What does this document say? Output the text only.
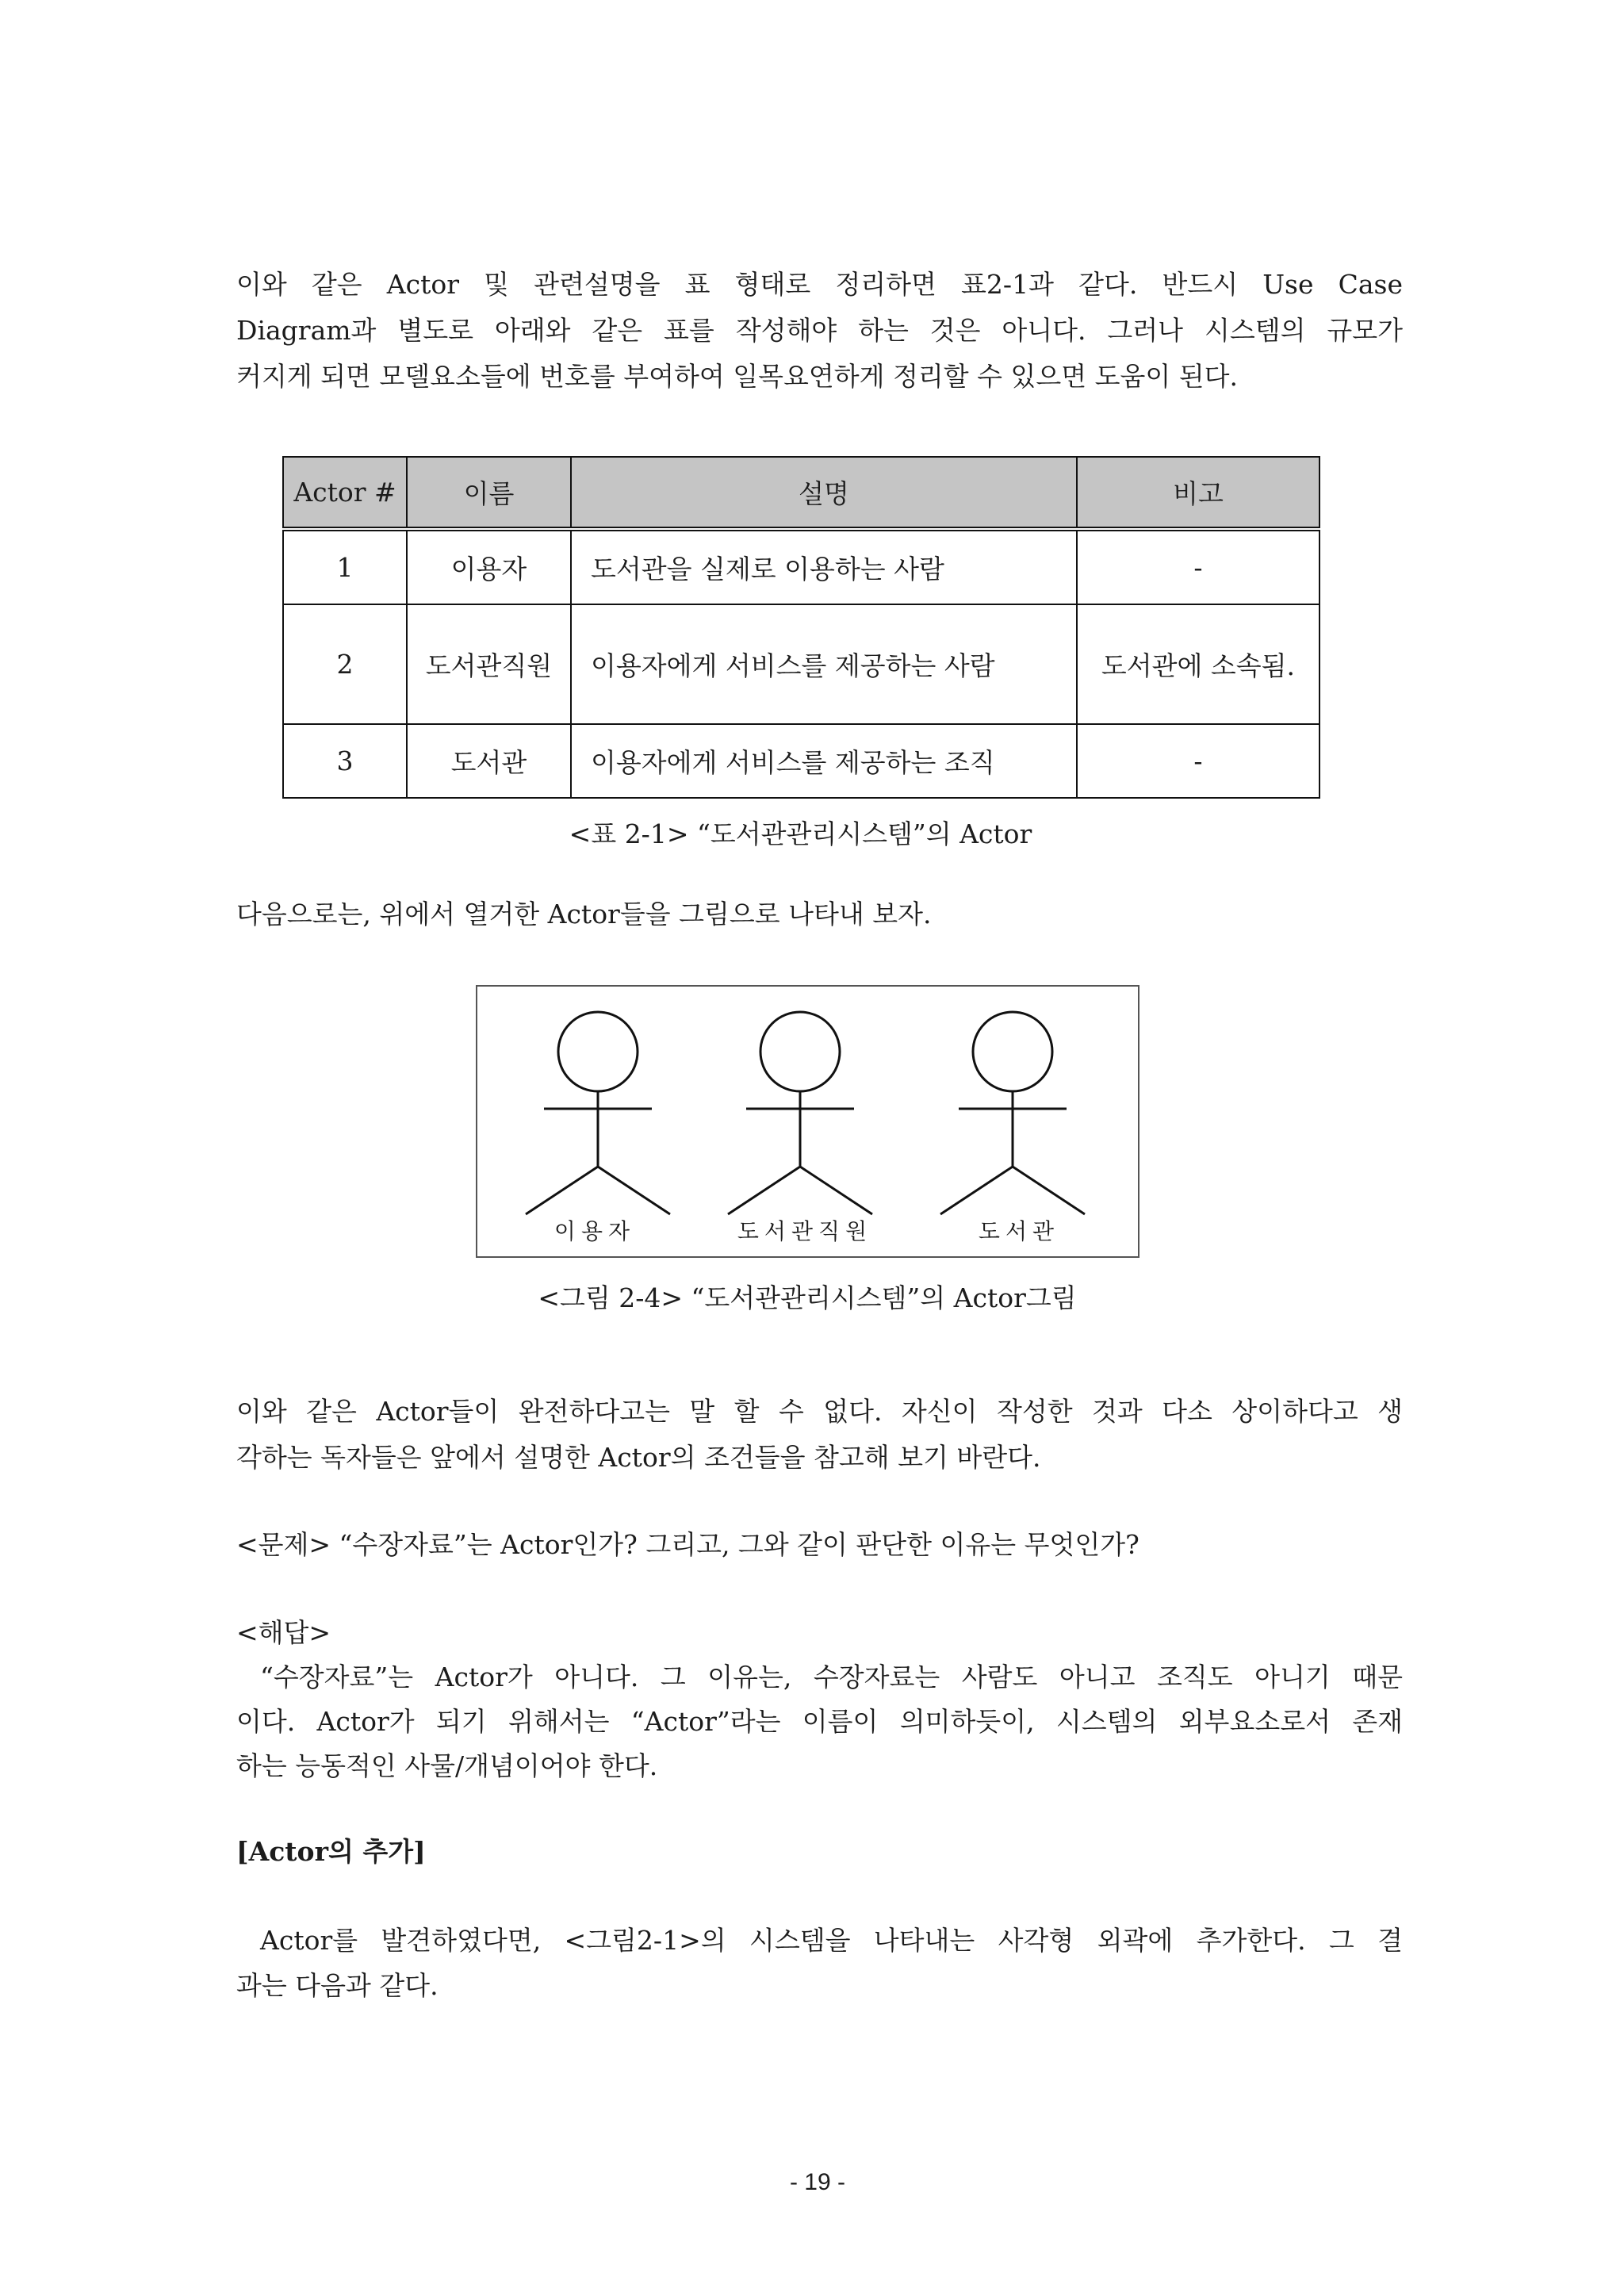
이와 같은 Actor 및 관련설명을 표 형태로 정리하면 표2-1과 같다. 반드시 Use Case
Diagram과 별도로 아래와 같은 표를 작성해야 하는 것은 아니다. 그러나 시스템의 규모가
커지게 되면 모델요소들에 번호를 부여하여 일목요연하게 정리할 수 있으면 도움이 된다.
Actor #	이름	설명	비고
1	이용자	도서관을 실제로 이용하는 사람	-
2	도서관직원	이용자에게 서비스를 제공하는 사람	도서관에 소속됨.
3	도서관	이용자에게 서비스를 제공하는 조직	-
<표 2-1> “도서관관리시스템”의 Actor
다음으로는, 위에서 열거한 Actor들을 그림으로 나타내 보자.
이용자	도서관직원	도서관
<그림 2-4> “도서관관리시스템”의 Actor그림
이와 같은 Actor들이 완전하다고는 말 할 수 없다. 자신이 작성한 것과 다소 상이하다고 생
각하는 독자들은 앞에서 설명한 Actor의 조건들을 참고해 보기 바란다.
<문제> “수장자료”는 Actor인가? 그리고, 그와 같이 판단한 이유는 무엇인가?
<해답>
“수장자료”는 Actor가 아니다. 그 이유는, 수장자료는 사람도 아니고 조직도 아니기 때문
이다. Actor가 되기 위해서는 “Actor”라는 이름이 의미하듯이, 시스템의 외부요소로서 존재
하는 능동적인 사물/개념이어야 한다.
[Actor의 추가]
Actor를 발견하였다면, <그림2-1>의 시스템을 나타내는 사각형 외곽에 추가한다. 그 결
과는 다음과 같다.
- 19 -
